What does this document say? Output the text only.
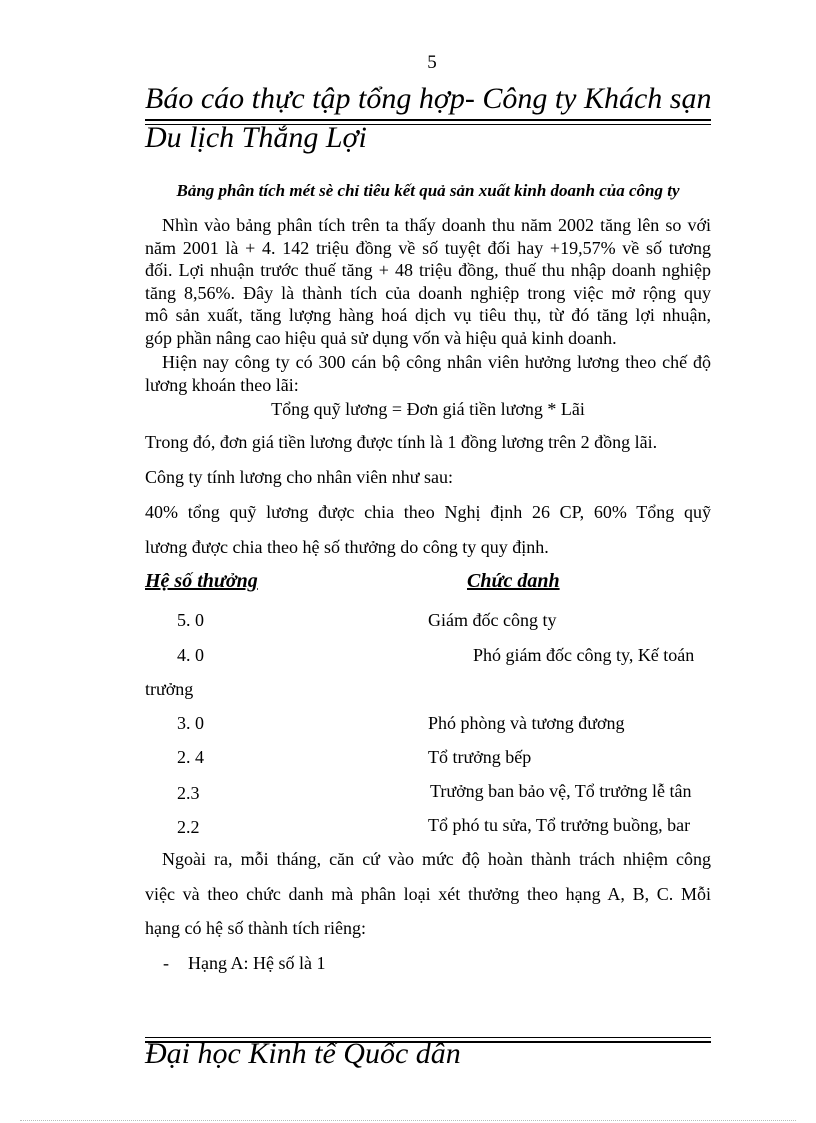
5
Báo cáo thực tập tổng hợp- Công ty Khách sạn
Du lịch Thắng Lợi
Bảng phân tích mét sè chỉ tiêu kết quả sản xuất kinh doanh của công ty

Nhìn vào bảng phân tích trên ta thấy doanh thu năm 2002 tăng lên so với

năm 2001 là + 4. 142 triệu đồng về số tuyệt đối hay +19,57% về số tương

đối. Lợi nhuận trước thuế tăng + 48 triệu đồng, thuế thu nhập doanh nghiệp

tăng 8,56%. Đây là thành tích của doanh nghiệp trong việc mở rộng quy

mô sản xuất, tăng lượng hàng hoá dịch vụ tiêu thụ, từ đó tăng lợi nhuận,

góp phần nâng cao hiệu quả sử dụng vốn và hiệu quả kinh doanh.

Hiện nay công ty có 300 cán bộ công nhân viên hưởng lương theo chế độ

lương khoán theo lãi:

Tổng quỹ lương = Đơn giá tiền lương * Lãi
Trong đó, đơn giá tiền lương được tính là 1 đồng lương trên 2 đồng lãi.
Công ty tính lương cho nhân viên như sau:
40% tổng quỹ lương được chia theo Nghị định 26 CP, 60% Tổng quỹ
lương được chia theo hệ số thưởng do công ty quy định.
Hệ số thưởng	Chức danh
5. 0	Giám đốc công ty
4. 0	Phó giám đốc công ty, Kế toán
trưởng
3. 0	Phó phòng và tương đương
2. 4	Tổ trưởng bếp
2.3	Trưởng ban bảo vệ, Tổ trưởng lễ tân
2.2	Tổ phó tu sửa, Tổ trưởng buồng, bar
Ngoài ra, mỗi tháng, căn cứ vào mức độ hoàn thành trách nhiệm công
việc và theo chức danh mà phân loại xét thưởng theo hạng A, B, C. Mỗi
hạng có hệ số thành tích riêng:
- Hạng A: Hệ số là 1
Đại học Kinh tế Quốc dân
